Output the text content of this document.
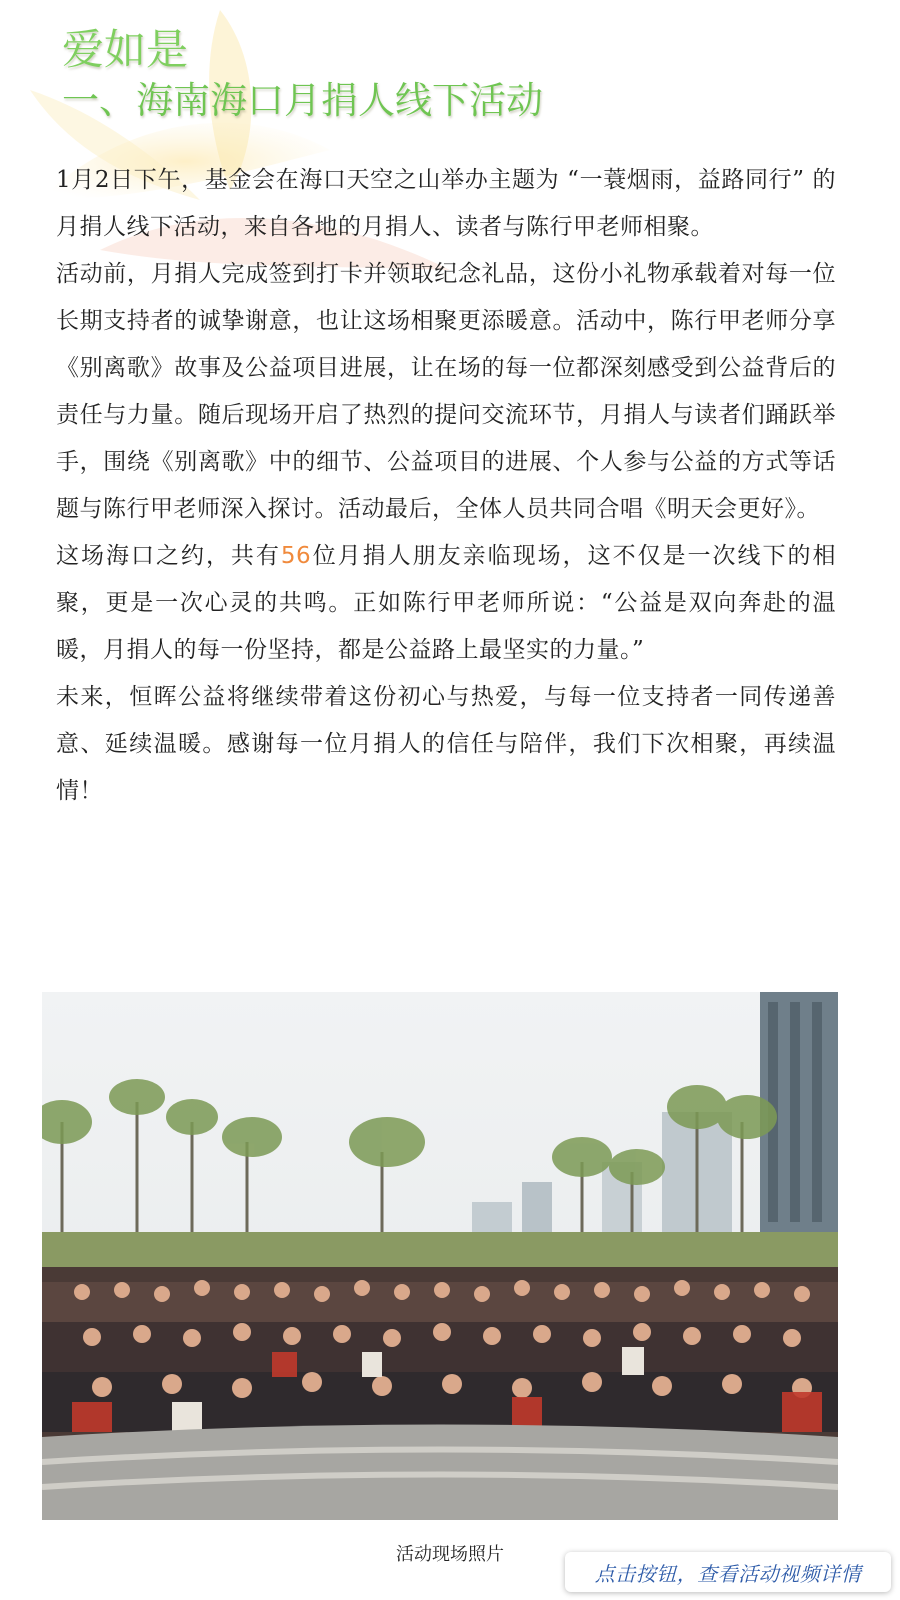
爱如是
一、海南海口月捐人线下活动

1月2日下午，基金会在海口天空之山举办主题为 “一蓑烟雨，益路同行” 的月捐人线下活动，来自各地的月捐人、读者与陈行甲老师相聚。

活动前，月捐人完成签到打卡并领取纪念礼品，这份小礼物承载着对每一位长期支持者的诚挚谢意，也让这场相聚更添暖意。活动中，陈行甲老师分享《别离歌》故事及公益项目进展，让在场的每一位都深刻感受到公益背后的责任与力量。随后现场开启了热烈的提问交流环节，月捐人与读者们踊跃举手，围绕《别离歌》中的细节、公益项目的进展、个人参与公益的方式等话题与陈行甲老师深入探讨。活动最后，全体人员共同合唱《明天会更好》。

这场海口之约，共有56位月捐人朋友亲临现场，这不仅是一次线下的相聚，更是一次心灵的共鸣。正如陈行甲老师所说：“公益是双向奔赴的温暖，月捐人的每一份坚持，都是公益路上最坚实的力量。”

未来，恒晖公益将继续带着这份初心与热爱，与每一位支持者一同传递善意、延续温暖。感谢每一位月捐人的信任与陪伴，我们下次相聚，再续温情！

活动现场照片
点击按钮，查看活动视频详情
